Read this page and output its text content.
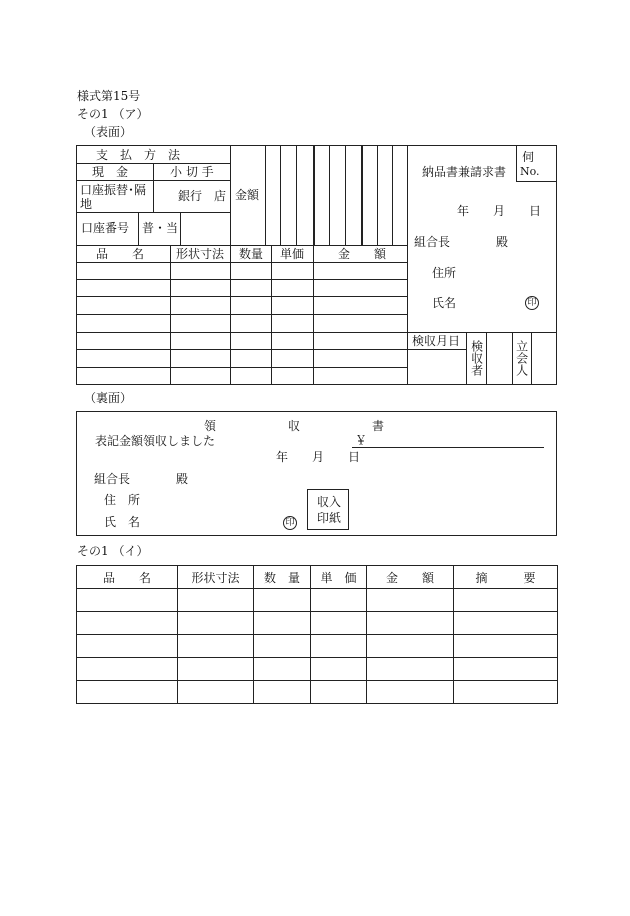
様式第15号
その1 （ア）
（表面）
支　払　方　法
現　金	小 切 手
口座振替･隔地
銀行　店
口座番号 普・当
金額
品　　名	形状寸法 数量 単価	金　　額
納品書兼請求書
伺
No.
年　　月　　日
組合長	殿
住所
氏名	印
検収月日 検収者	立会人
（裏面）
領　　　　　　収　　　　　　書
表記金額領収しました	￥
年　　月　　日
組合長	殿
住　所
氏　名	印
収入
印紙
その1 （イ）
品　　名	形状寸法	数　量	単　価	金　　額	摘　　　要
